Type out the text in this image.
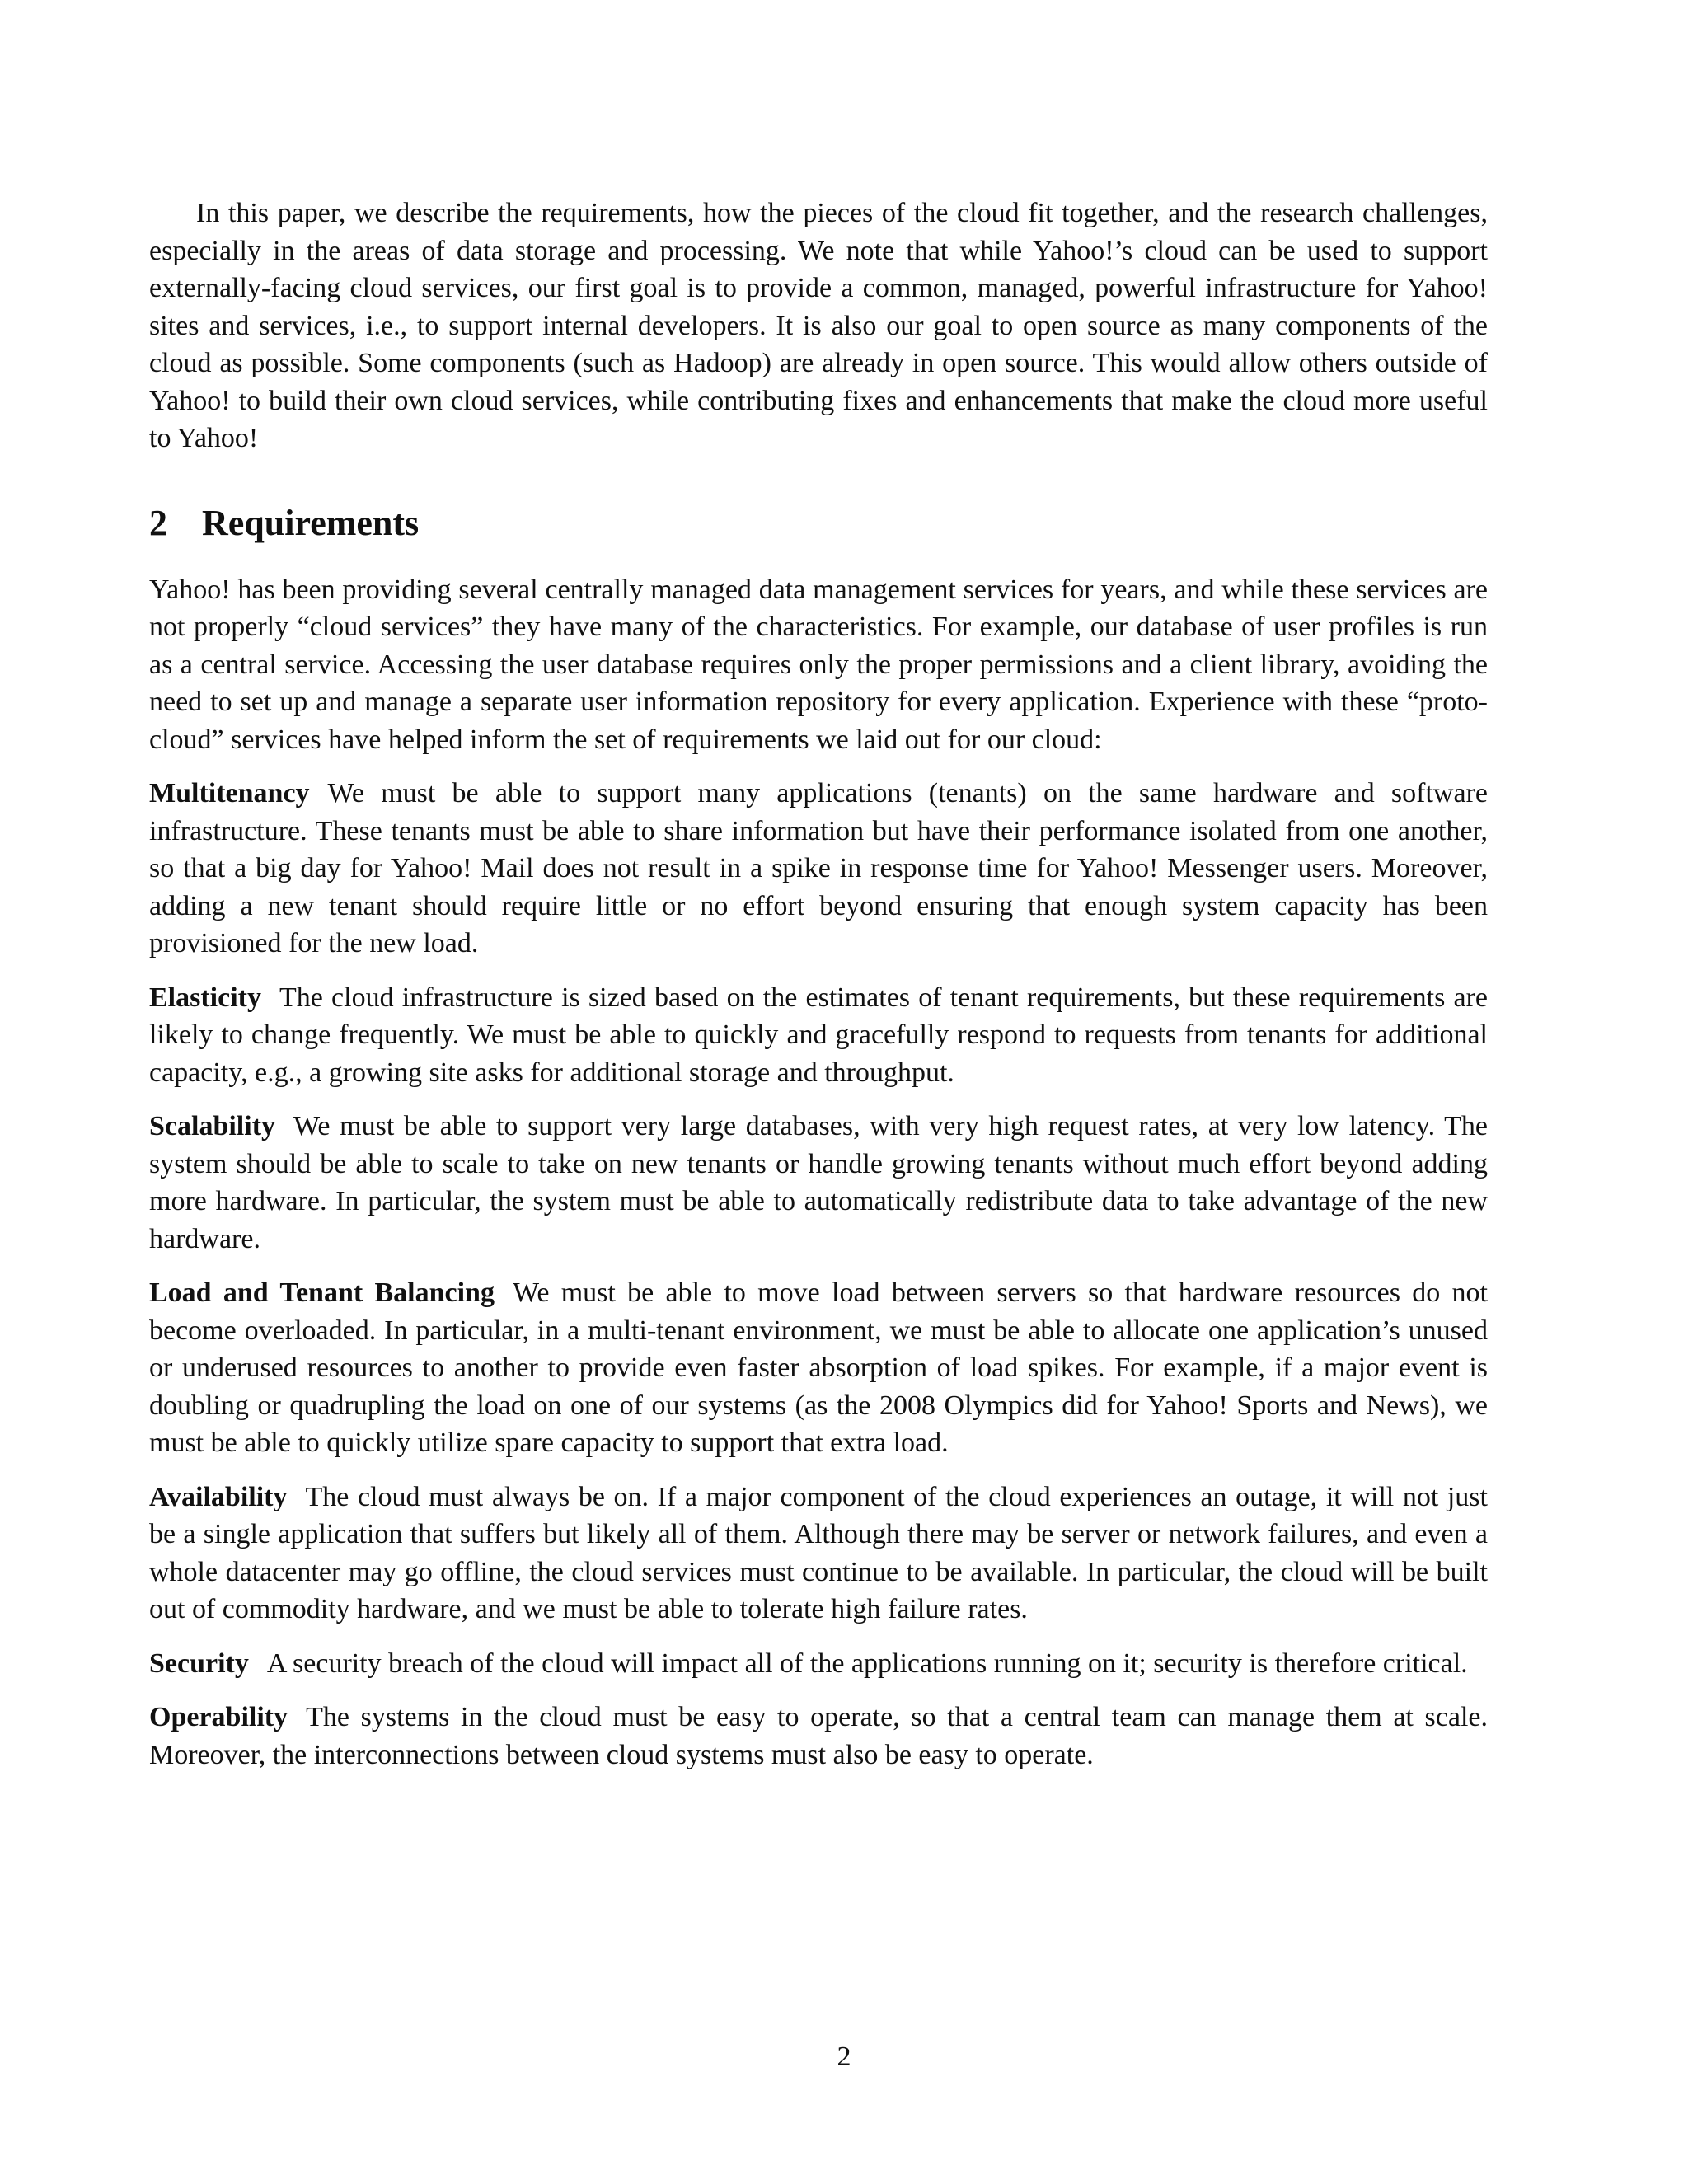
In this paper, we describe the requirements, how the pieces of the cloud fit together, and the research challenges, especially in the areas of data storage and processing. We note that while Yahoo!’s cloud can be used to support externally-facing cloud services, our first goal is to provide a common, managed, powerful infrastructure for Yahoo! sites and services, i.e., to support internal developers. It is also our goal to open source as many components of the cloud as possible. Some components (such as Hadoop) are already in open source. This would allow others outside of Yahoo! to build their own cloud services, while contributing fixes and enhancements that make the cloud more useful to Yahoo!

2 Requirements

Yahoo! has been providing several centrally managed data management services for years, and while these services are not properly “cloud services” they have many of the characteristics. For example, our database of user profiles is run as a central service. Accessing the user database requires only the proper permissions and a client library, avoiding the need to set up and manage a separate user information repository for every application. Experience with these “proto-cloud” services have helped inform the set of requirements we laid out for our cloud:

Multitenancy We must be able to support many applications (tenants) on the same hardware and software infrastructure. These tenants must be able to share information but have their performance isolated from one another, so that a big day for Yahoo! Mail does not result in a spike in response time for Yahoo! Messenger users. Moreover, adding a new tenant should require little or no effort beyond ensuring that enough system capacity has been provisioned for the new load.

Elasticity The cloud infrastructure is sized based on the estimates of tenant requirements, but these requirements are likely to change frequently. We must be able to quickly and gracefully respond to requests from tenants for additional capacity, e.g., a growing site asks for additional storage and throughput.

Scalability We must be able to support very large databases, with very high request rates, at very low latency. The system should be able to scale to take on new tenants or handle growing tenants without much effort beyond adding more hardware. In particular, the system must be able to automatically redistribute data to take advantage of the new hardware.

Load and Tenant Balancing We must be able to move load between servers so that hardware resources do not become overloaded. In particular, in a multi-tenant environment, we must be able to allocate one application’s unused or underused resources to another to provide even faster absorption of load spikes. For example, if a major event is doubling or quadrupling the load on one of our systems (as the 2008 Olympics did for Yahoo! Sports and News), we must be able to quickly utilize spare capacity to support that extra load.

Availability The cloud must always be on. If a major component of the cloud experiences an outage, it will not just be a single application that suffers but likely all of them. Although there may be server or network failures, and even a whole datacenter may go offline, the cloud services must continue to be available. In particular, the cloud will be built out of commodity hardware, and we must be able to tolerate high failure rates.

Security A security breach of the cloud will impact all of the applications running on it; security is therefore critical.

Operability The systems in the cloud must be easy to operate, so that a central team can manage them at scale. Moreover, the interconnections between cloud systems must also be easy to operate.

2
